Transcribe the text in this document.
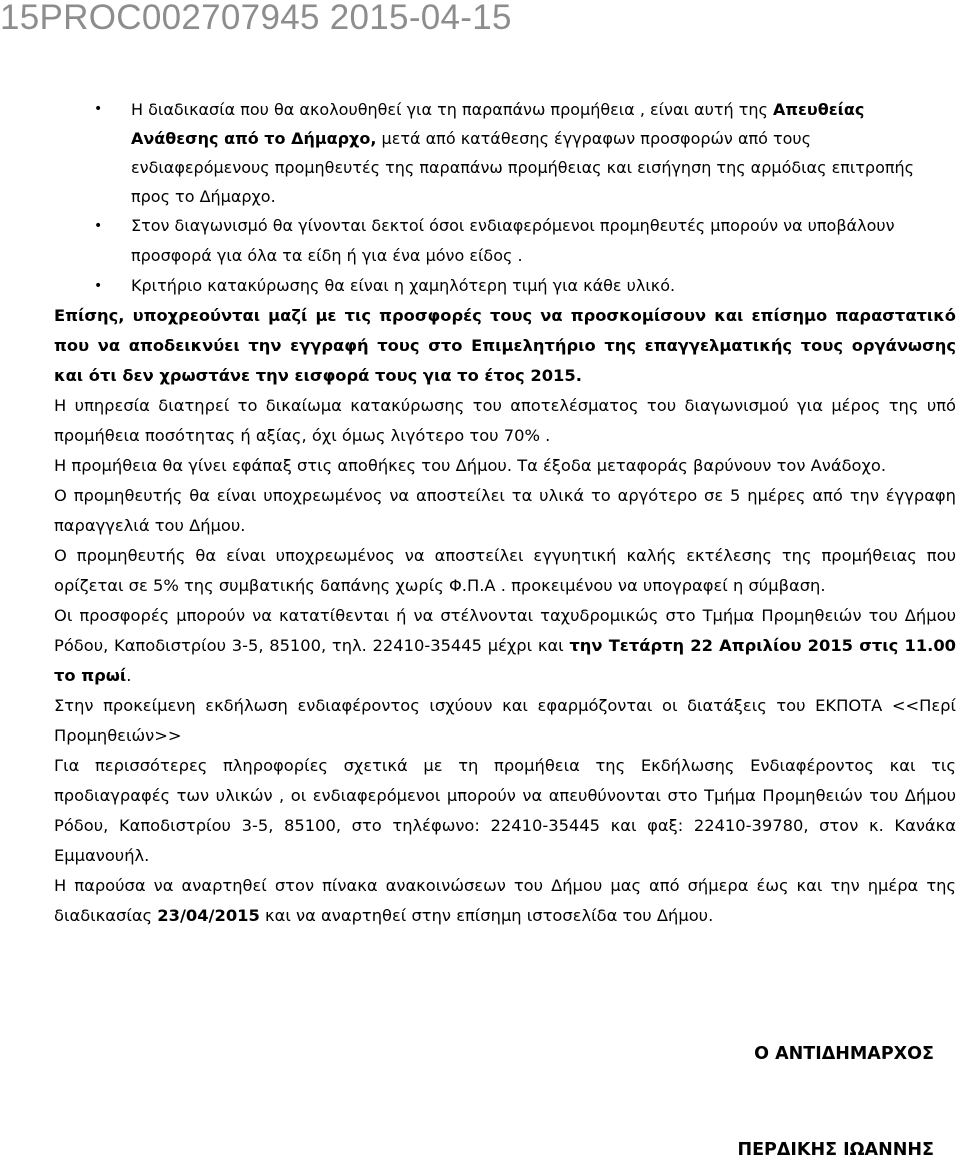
15PROC002707945 2015-04-15
• Η διαδικασία που θα ακολουθηθεί για τη παραπάνω προμήθεια , είναι αυτή της Απευθείας Ανάθεσης από το Δήμαρχο, μετά από κατάθεσης έγγραφων προσφορών από τους ενδιαφερόμενους προμηθευτές της παραπάνω προμήθειας και εισήγηση της αρμόδιας επιτροπής προς το Δήμαρχο.
• Στον διαγωνισμό θα γίνονται δεκτοί όσοι ενδιαφερόμενοι προμηθευτές μπορούν να υποβάλουν προσφορά για όλα τα είδη ή για ένα μόνο είδος .
• Κριτήριο κατακύρωσης θα είναι η χαμηλότερη τιμή για κάθε υλικό.

Επίσης, υποχρεούνται μαζί με τις προσφορές τους να προσκομίσουν και επίσημο παραστατικό που να αποδεικνύει την εγγραφή τους στο Επιμελητήριο της επαγγελματικής τους οργάνωσης και ότι δεν χρωστάνε την εισφορά τους για το έτος 2015.

Η υπηρεσία διατηρεί το δικαίωμα κατακύρωσης του αποτελέσματος του διαγωνισμού για μέρος της υπό προμήθεια ποσότητας ή αξίας, όχι όμως λιγότερο του 70% .

Η προμήθεια θα γίνει εφάπαξ στις αποθήκες του Δήμου. Τα έξοδα μεταφοράς βαρύνουν τον Ανάδοχο.

Ο προμηθευτής θα είναι υποχρεωμένος να αποστείλει τα υλικά το αργότερο σε 5 ημέρες από την έγγραφη παραγγελιά του Δήμου.

Ο προμηθευτής θα είναι υποχρεωμένος να αποστείλει εγγυητική καλής εκτέλεσης της προμήθειας που ορίζεται σε 5% της συμβατικής δαπάνης χωρίς Φ.Π.Α . προκειμένου να υπογραφεί η σύμβαση.

Οι προσφορές μπορούν να κατατίθενται ή να στέλνονται ταχυδρομικώς στο Τμήμα Προμηθειών του Δήμου Ρόδου, Καποδιστρίου 3-5, 85100, τηλ. 22410-35445 μέχρι και την Τετάρτη 22 Απριλίου 2015 στις 11.00 το πρωί.

Στην προκείμενη εκδήλωση ενδιαφέροντος ισχύουν και εφαρμόζονται οι διατάξεις του ΕΚΠΟΤΑ <<Περί Προμηθειών>>

Για περισσότερες πληροφορίες σχετικά με τη προμήθεια της Εκδήλωσης Ενδιαφέροντος και τις προδιαγραφές των υλικών , οι ενδιαφερόμενοι μπορούν να απευθύνονται στο Τμήμα Προμηθειών του Δήμου Ρόδου, Καποδιστρίου 3-5, 85100, στο τηλέφωνο: 22410-35445 και φαξ: 22410-39780, στον κ. Κανάκα Εμμανουήλ.

Η παρούσα να αναρτηθεί στον πίνακα ανακοινώσεων του Δήμου μας από σήμερα έως και την ημέρα της διαδικασίας 23/04/2015 και να αναρτηθεί στην επίσημη ιστοσελίδα του Δήμου.

Ο ΑΝΤΙΔΗΜΑΡΧΟΣ
ΠΕΡΔΙΚΗΣ ΙΩΑΝΝΗΣ
